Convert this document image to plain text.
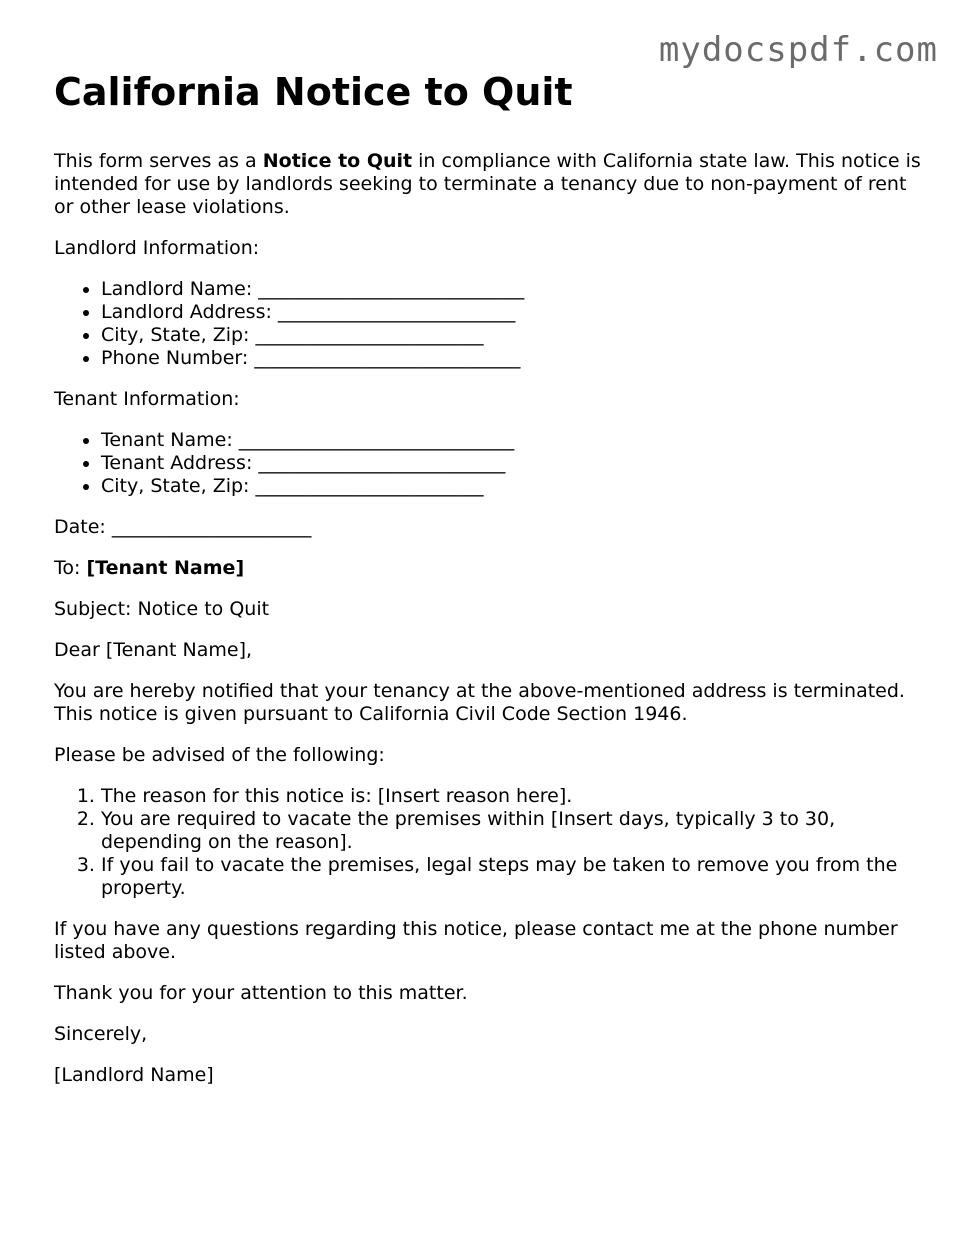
mydocspdf.com
California Notice to Quit

This form serves as a Notice to Quit in compliance with California state law. This notice is intended for use by landlords seeking to terminate a tenancy due to non-payment of rent or other lease violations.

Landlord Information:

• Landlord Name: ____________________________
• Landlord Address: _________________________
• City, State, Zip: ________________________
• Phone Number: ____________________________

Tenant Information:

• Tenant Name: _____________________________
• Tenant Address: __________________________
• City, State, Zip: ________________________

Date: _____________________

To: [Tenant Name]

Subject: Notice to Quit

Dear [Tenant Name],

You are hereby notified that your tenancy at the above-mentioned address is terminated. This notice is given pursuant to California Civil Code Section 1946.

Please be advised of the following:

1. The reason for this notice is: [Insert reason here].
2. You are required to vacate the premises within [Insert days, typically 3 to 30, depending on the reason].
3. If you fail to vacate the premises, legal steps may be taken to remove you from the property.

If you have any questions regarding this notice, please contact me at the phone number listed above.

Thank you for your attention to this matter.

Sincerely,

[Landlord Name]
